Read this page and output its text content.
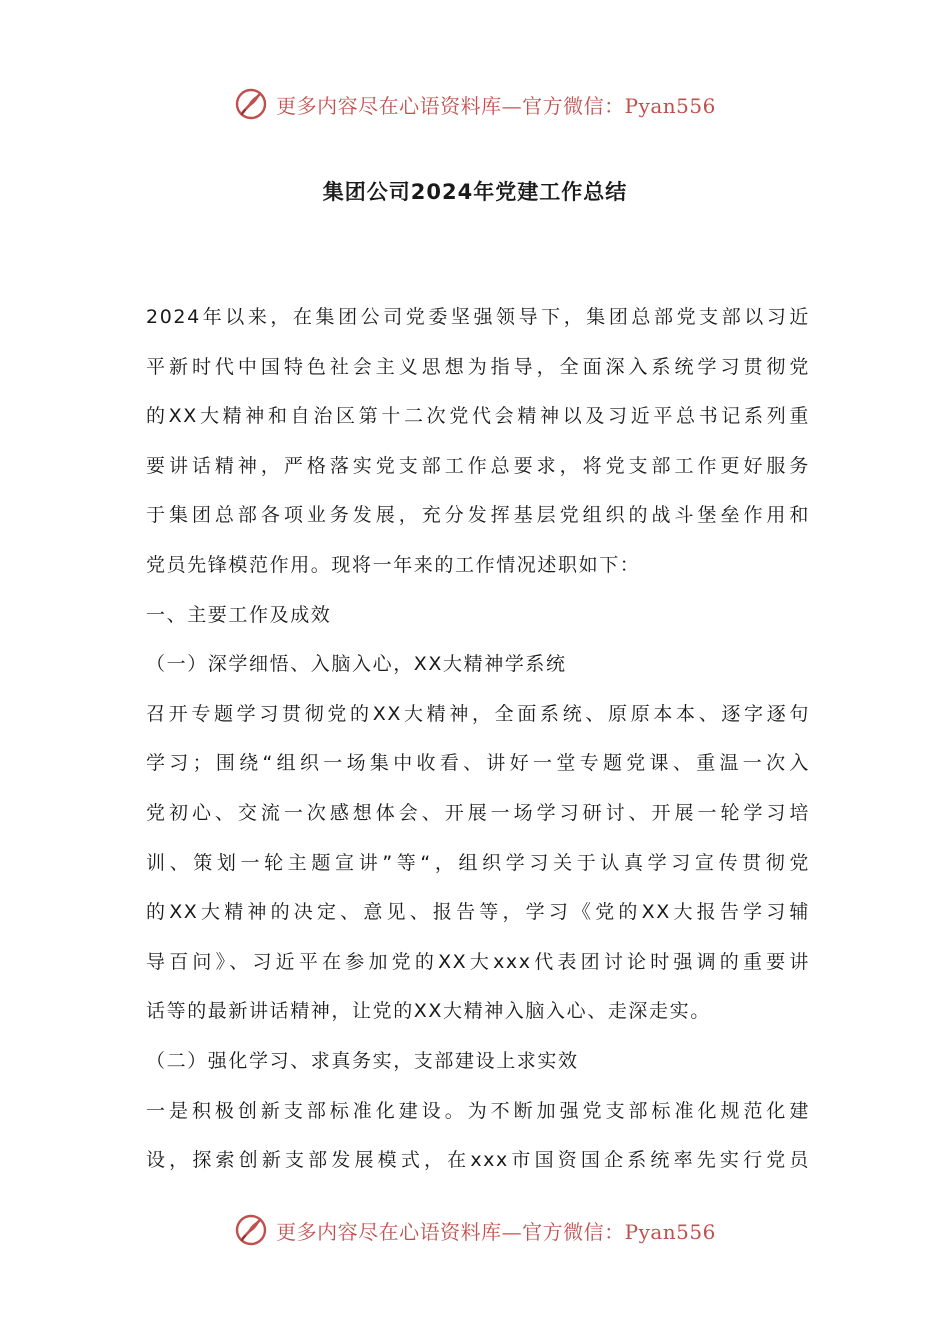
更多内容尽在心语资料库—官方微信：Pyan556
集团公司2024年党建工作总结
2024年以来，在集团公司党委坚强领导下，集团总部党支部以习近
平新时代中国特色社会主义思想为指导，全面深入系统学习贯彻党
的XX大精神和自治区第十二次党代会精神以及习近平总书记系列重
要讲话精神，严格落实党支部工作总要求，将党支部工作更好服务
于集团总部各项业务发展，充分发挥基层党组织的战斗堡垒作用和
党员先锋模范作用。现将一年来的工作情况述职如下：
一、主要工作及成效
（一）深学细悟、入脑入心，XX大精神学系统
召开专题学习贯彻党的XX大精神，全面系统、原原本本、逐字逐句
学习；围绕“组织一场集中收看、讲好一堂专题党课、重温一次入
党初心、交流一次感想体会、开展一场学习研讨、开展一轮学习培
训、策划一轮主题宣讲”等“，组织学习关于认真学习宣传贯彻党
的XX大精神的决定、意见、报告等，学习《党的XX大报告学习辅
导百问》、习近平在参加党的XX大xxx代表团讨论时强调的重要讲
话等的最新讲话精神，让党的XX大精神入脑入心、走深走实。
（二）强化学习、求真务实，支部建设上求实效
一是积极创新支部标准化建设。为不断加强党支部标准化规范化建
设，探索创新支部发展模式，在xxx市国资国企系统率先实行党员
更多内容尽在心语资料库—官方微信：Pyan556
